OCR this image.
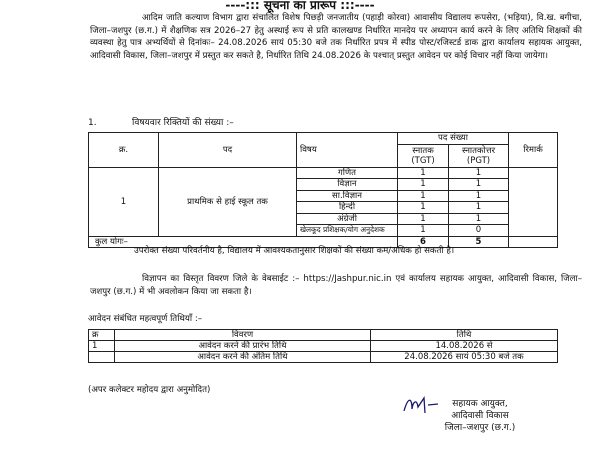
----::: सूचना का प्रारूप :::----
आदिम जाति कल्याण विभाग द्वारा संचालित विशेष पिछड़ी जनजातीय (पहाड़ी कोरवा) आवासीय विद्यालय रूपसेरा, (भड़िया), वि.ख. बगीचा, जिला–जशपुर (छ.ग.) में शैक्षणिक सत्र 2026–27 हेतु अस्थाई रूप से प्रति कालखण्ड निर्धारित मानदेय पर अध्यापन कार्य करने के लिए अतिथि शिक्षकों की व्यवस्था हेतु पात्र अभ्यर्थियों से दिनांकः– 24.08.2026 सायं 05:30 बजे तक निर्धारित प्रपत्र में स्पीड पोस्ट/रजिस्टर्ड डाक द्वारा कार्यालय सहायक आयुक्त, आदिवासी विकास, जिला–जशपुर में प्रस्तुत कर सकते है, निर्धारित तिथि 24.08.2026 के पश्चात् प्रस्तुत आवेदन पर कोई विचार नहीं किया जायेगा।
1.	विषयवार रिक्तियों की संख्या :–
क्र.	पद	विषय	पद संख्या		रिमार्क
			स्नातक (TGT)	स्नातकोत्तर (PGT)	
1	प्राथमिक से हाई स्कूल तक	गणित	1	1	
		विज्ञान	1	1	
		सा.विज्ञान	1	1	
		हिन्दी	1	1	
		अंग्रेजी	1	1	
		खेलकूद प्रशिक्षक/योग अनुदेशक	1	0	
कुल योगः–			6	5	
उपरोक्त संख्या परिवर्तनीय है, विद्यालय में आवश्यकतानुसार शिक्षकों की संख्या कम/अधिक हो सकती है।
विज्ञापन का विस्तृत विवरण जिले के वेबसाईट :– https://Jashpur.nic.in एवं कार्यालय सहायक आयुक्त, आदिवासी विकास, जिला–जशपुर (छ.ग.) में भी अवलोकन किया जा सकता है।
आवेदन संबंधित महत्वपूर्ण तिथियॉं :–
क्र	विवरण	तिथि
1	आवेदन करने की प्रारंभ तिथि	14.08.2026 से
	आवेदन करने की अंतिम तिथि	24.08.2026 सायं 05:30 बजे तक
(अपर कलेक्टर महोदय द्वारा अनुमोदित)
सहायक आयुक्त,
आदिवासी विकास
जिला–जशपुर (छ.ग.)
